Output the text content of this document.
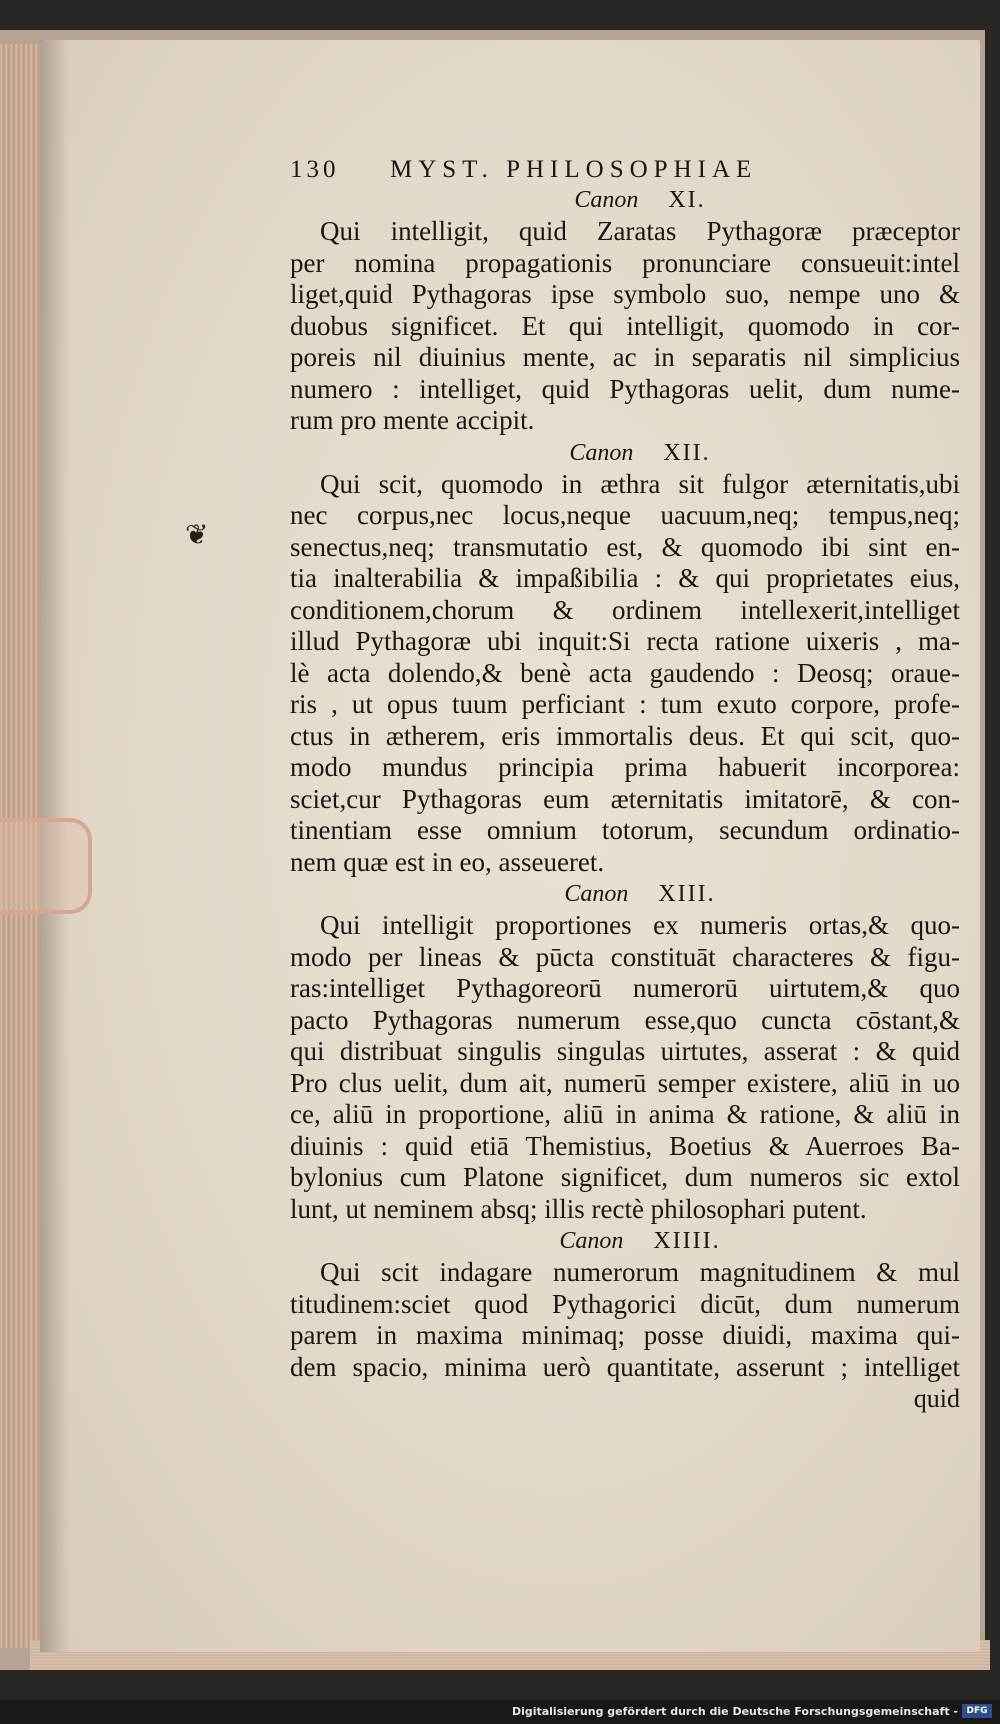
❦
130	MYST. PHILOSOPHIAE
Canon XI.
Qui intelligit, quid Zaratas Pythagoræ præceptor
per nomina propagationis pronunciare consueuit:intel
liget,quid Pythagoras ipse symbolo suo, nempe uno &
duobus significet. Et qui intelligit, quomodo in cor-
poreis nil diuinius mente, ac in separatis nil simplicius
numero : intelliget, quid Pythagoras uelit, dum nume-
rum pro mente accipit.
Canon XII.
Qui scit, quomodo in æthra sit fulgor æternitatis,ubi
nec corpus,nec locus,neque uacuum,neq; tempus,neq;
senectus,neq; transmutatio est, & quomodo ibi sint en-
tia inalterabilia & impaßibilia : & qui proprietates eius,
conditionem,chorum & ordinem intellexerit,intelliget
illud Pythagoræ ubi inquit:Si recta ratione uixeris , ma-
lè acta dolendo,& benè acta gaudendo : Deosq; oraue-
ris , ut opus tuum perficiant : tum exuto corpore, profe-
ctus in ætherem, eris immortalis deus. Et qui scit, quo-
modo mundus principia prima habuerit incorporea:
sciet,cur Pythagoras eum æternitatis imitatorē, & con-
tinentiam esse omnium totorum, secundum ordinatio-
nem quæ est in eo, asseueret.
Canon XIII.
Qui intelligit proportiones ex numeris ortas,& quo-
modo per lineas & pūcta constituāt characteres & figu-
ras:intelliget Pythagoreorū numerorū uirtutem,& quo
pacto Pythagoras numerum esse,quo cuncta cōstant,&
qui distribuat singulis singulas uirtutes, asserat : & quid
Pro clus uelit, dum ait, numerū semper existere, aliū in uo
ce, aliū in proportione, aliū in anima & ratione, & aliū in
diuinis : quid etiā Themistius, Boetius & Auerroes Ba-
bylonius cum Platone significet, dum numeros sic extol
lunt, ut neminem absq; illis rectè philosophari putent.
Canon XIIII.
Qui scit indagare numerorum magnitudinem & mul
titudinem:sciet quod Pythagorici dicūt, dum numerum
parem in maxima minimaq; posse diuidi, maxima qui-
dem spacio, minima uerò quantitate, asserunt ; intelliget
quid
Digitalisierung gefördert durch die Deutsche Forschungsgemeinschaft - DFG
